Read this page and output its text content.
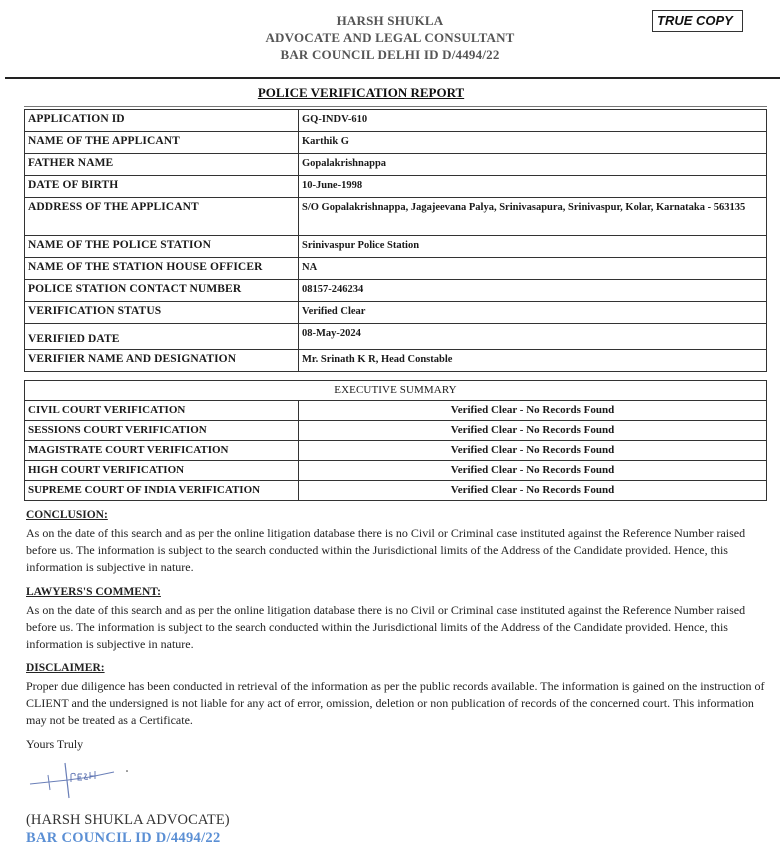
HARSH SHUKLA
ADVOCATE AND LEGAL CONSULTANT
BAR COUNCIL DELHI ID D/4494/22
TRUE COPY
POLICE VERIFICATION REPORT
APPLICATION ID	GQ-INDV-610
NAME OF THE APPLICANT	Karthik G
FATHER NAME	Gopalakrishnappa
DATE OF BIRTH	10-June-1998
ADDRESS OF THE APPLICANT	S/O Gopalakrishnappa, Jagajeevana Palya, Srinivasapura, Srinivaspur, Kolar, Karnataka - 563135
NAME OF THE POLICE STATION	Srinivaspur Police Station
NAME OF THE STATION HOUSE OFFICER	NA
POLICE STATION CONTACT NUMBER	08157-246234
VERIFICATION STATUS	Verified Clear
VERIFIED DATE	08-May-2024
VERIFIER NAME AND DESIGNATION	Mr. Srinath K R, Head Constable
EXECUTIVE SUMMARY	
CIVIL COURT VERIFICATION	Verified Clear - No Records Found
SESSIONS COURT VERIFICATION	Verified Clear - No Records Found
MAGISTRATE COURT VERIFICATION	Verified Clear - No Records Found
HIGH COURT VERIFICATION	Verified Clear - No Records Found
SUPREME COURT OF INDIA VERIFICATION	Verified Clear - No Records Found
CONCLUSION:

As on the date of this search and as per the online litigation database there is no Civil or Criminal case instituted against the Reference Number raised before us. The information is subject to the search conducted within the Jurisdictional limits of the Address of the Candidate provided. Hence, this information is subjective in nature.

LAWYERS'S COMMENT:

As on the date of this search and as per the online litigation database there is no Civil or Criminal case instituted against the Reference Number raised before us. The information is subject to the search conducted within the Jurisdictional limits of the Address of the Candidate provided. Hence, this information is subjective in nature.

DISCLAIMER:

Proper due diligence has been conducted in retrieval of the information as per the public records available. The information is gained on the instruction of CLIENT and the undersigned is not liable for any act of error, omission, deletion or non publication of records of the concerned court. This information may not be treated as a Certificate.

Yours Truly
(HARSH SHUKLA ADVOCATE)
BAR COUNCIL ID D/4494/22
